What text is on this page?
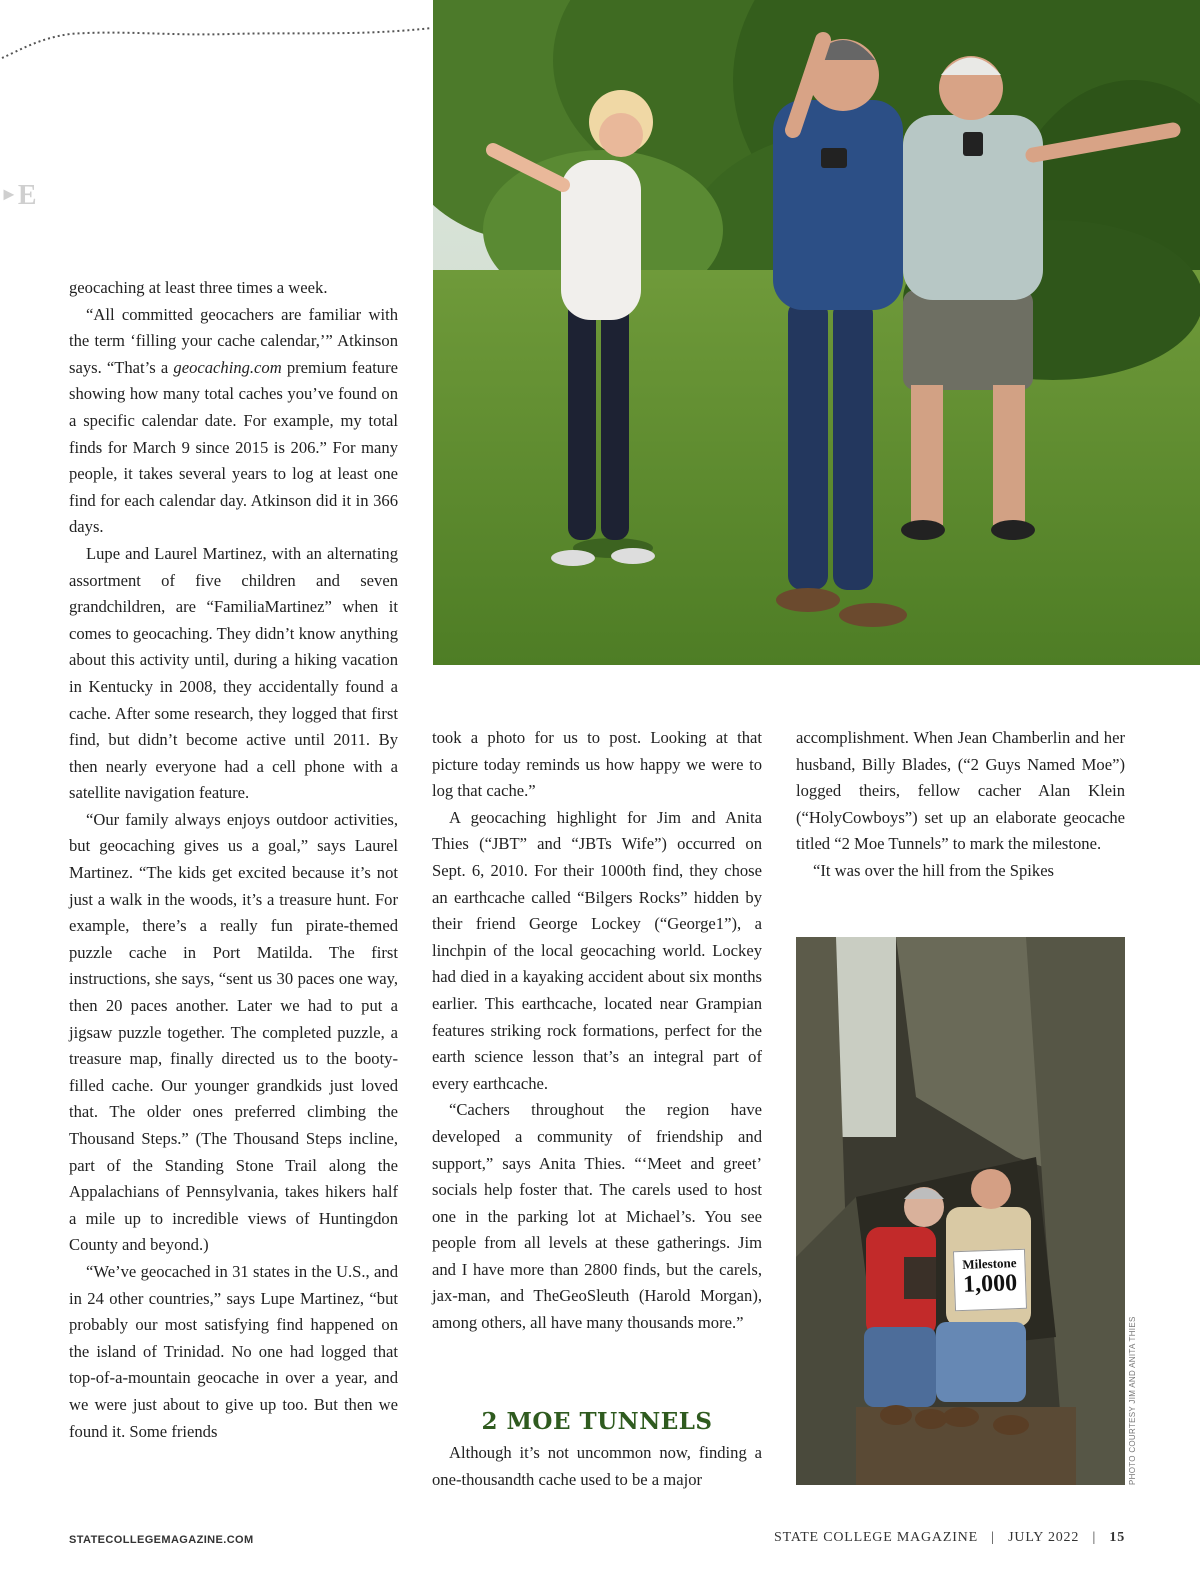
►E

geocaching at least three times a week.

“All committed geocachers are familiar with the term ‘filling your cache calendar,’” Atkinson says. “That’s a geocaching.com premium feature showing how many total caches you’ve found on a specific calendar date. For example, my total finds for March 9 since 2015 is 206.” For many people, it takes several years to log at least one find for each calendar day. Atkinson did it in 366 days.

Lupe and Laurel Martinez, with an alternating assortment of five children and seven grandchildren, are “FamiliaMartinez” when it comes to geocaching. They didn’t know anything about this activity until, during a hiking vacation in Kentucky in 2008, they accidentally found a cache. After some research, they logged that first find, but didn’t become active until 2011. By then nearly everyone had a cell phone with a satellite navigation feature.

“Our family always enjoys outdoor activities, but geocaching gives us a goal,” says Laurel Martinez. “The kids get excited because it’s not just a walk in the woods, it’s a treasure hunt. For example, there’s a really fun pirate-themed puzzle cache in Port Matilda. The first instructions, she says, “sent us 30 paces one way, then 20 paces another. Later we had to put a jigsaw puzzle together. The completed puzzle, a treasure map, finally directed us to the booty-filled cache. Our younger grandkids just loved that. The older ones preferred climbing the Thousand Steps.” (The Thousand Steps incline, part of the Standing Stone Trail along the Appalachians of Pennsylvania, takes hikers half a mile up to incredible views of Huntingdon County and beyond.)

“We’ve geocached in 31 states in the U.S., and in 24 other countries,” says Lupe Martinez, “but probably our most satisfying find happened on the island of Trinidad. No one had logged that top-of-a-mountain geocache in over a year, and we were just about to give up too. But then we found it. Some friends

took a photo for us to post. Looking at that picture today reminds us how happy we were to log that cache.”

A geocaching highlight for Jim and Anita Thies (“JBT” and “JBTs Wife”) occurred on Sept. 6, 2010. For their 1000th find, they chose an earthcache called “Bilgers Rocks” hidden by their friend George Lockey (“George1”), a linchpin of the local geocaching world. Lockey had died in a kayaking accident about six months earlier. This earthcache, located near Grampian features striking rock formations, perfect for the earth science lesson that’s an integral part of every earthcache.

“Cachers throughout the region have developed a community of friendship and support,” says Anita Thies. “‘Meet and greet’ socials help foster that. The carels used to host one in the parking lot at Michael’s. You see people from all levels at these gatherings. Jim and I have more than 2800 finds, but the carels, jax-man, and TheGeoSleuth (Harold Morgan), among others, all have many thousands more.”

2 MOE TUNNELS

Although it’s not uncommon now, finding a one-thousandth cache used to be a major

accomplishment. When Jean Chamberlin and her husband, Billy Blades, (“2 Guys Named Moe”) logged theirs, fellow cacher Alan Klein (“HolyCowboys”) set up an elaborate geocache titled “2 Moe Tunnels” to mark the milestone.

“It was over the hill from the Spikes

Milestone
1,000
PHOTO COURTESY JIM AND ANITA THIES
STATECOLLEGEMAGAZINE.COM	STATE COLLEGE MAGAZINE | JULY 2022 | 15
